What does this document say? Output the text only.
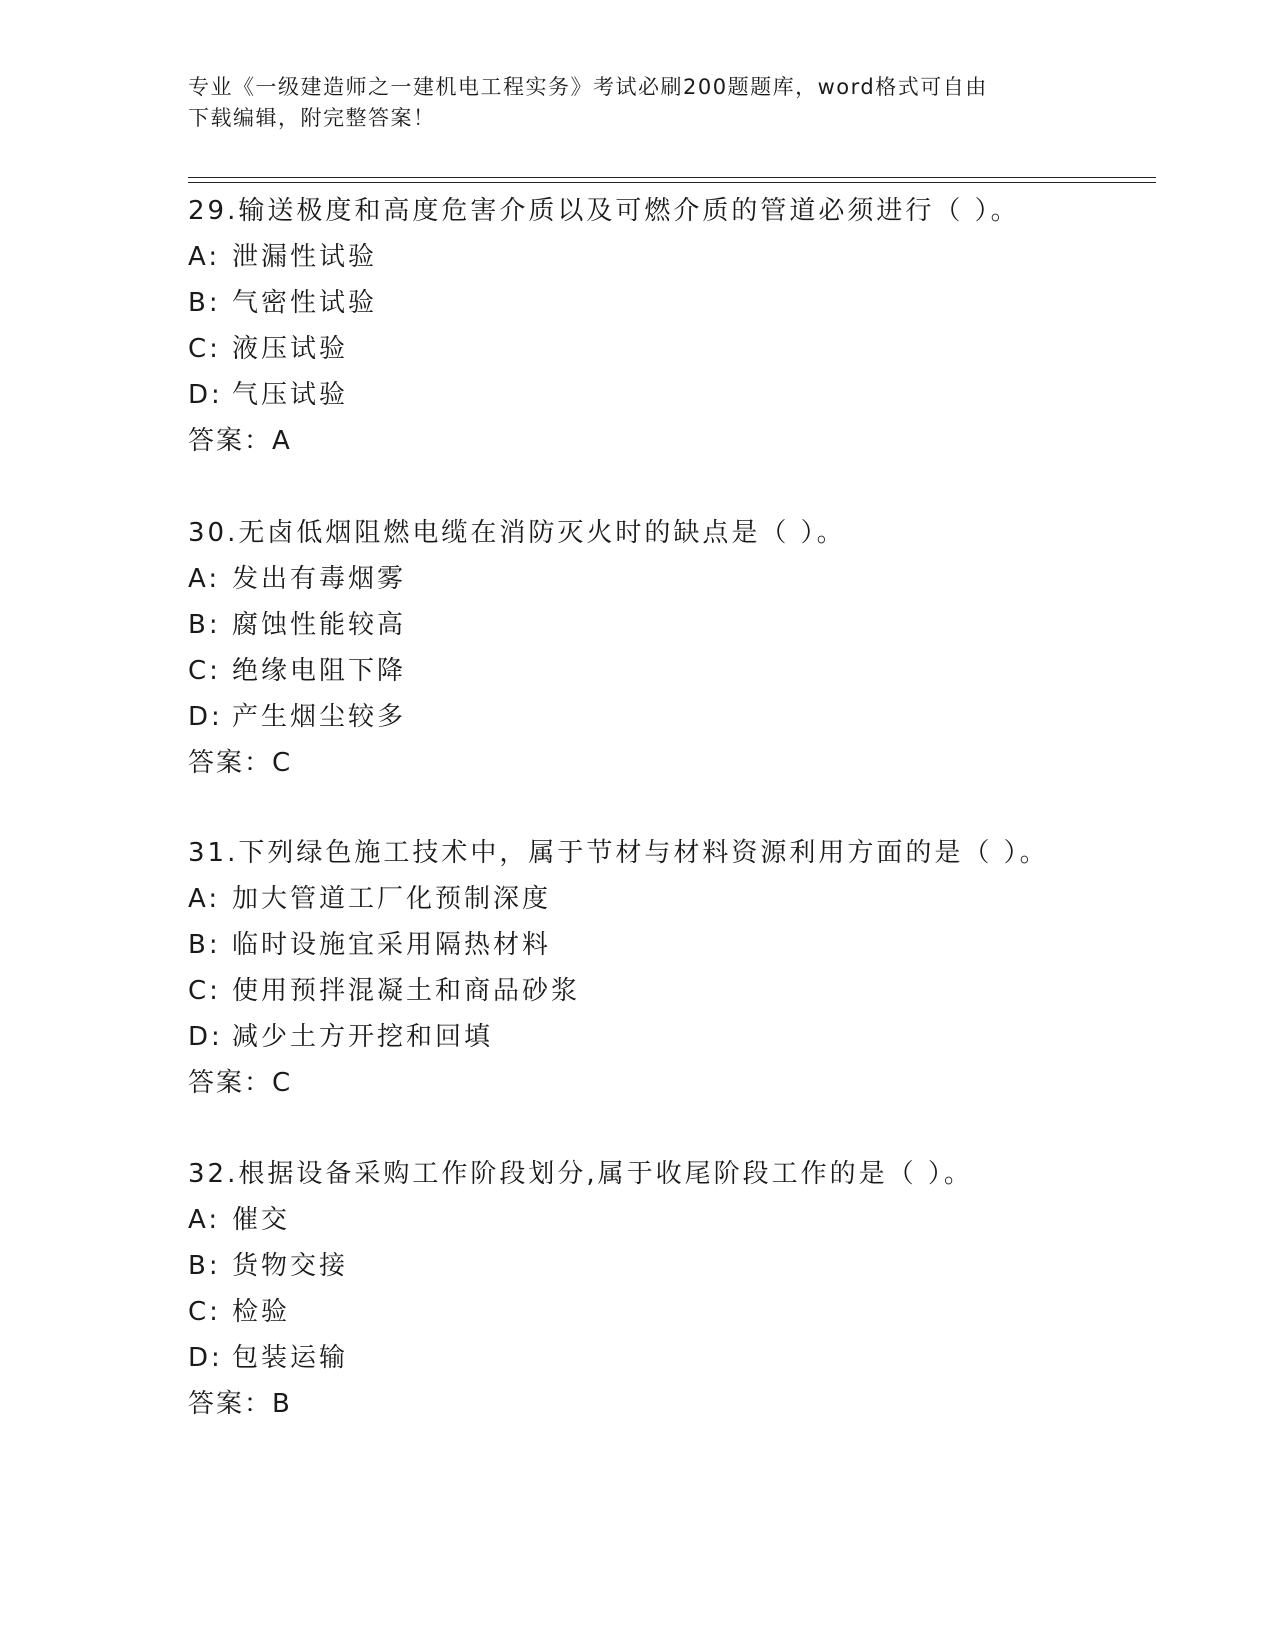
专业《一级建造师之一建机电工程实务》考试必刷200题题库，word格式可自由
下载编辑，附完整答案！
29.输送极度和高度危害介质以及可燃介质的管道必须进行（ ）。
A: 泄漏性试验
B: 气密性试验
C: 液压试验
D: 气压试验
答案：A
30.无卤低烟阻燃电缆在消防灭火时的缺点是（ ）。
A: 发出有毒烟雾
B: 腐蚀性能较高
C: 绝缘电阻下降
D: 产生烟尘较多
答案：C
31.下列绿色施工技术中，属于节材与材料资源利用方面的是（ ）。
A: 加大管道工厂化预制深度
B: 临时设施宜采用隔热材料
C: 使用预拌混凝土和商品砂浆
D: 减少土方开挖和回填
答案：C
32.根据设备采购工作阶段划分,属于收尾阶段工作的是（ ）。
A: 催交
B: 货物交接
C: 检验
D: 包装运输
答案：B
